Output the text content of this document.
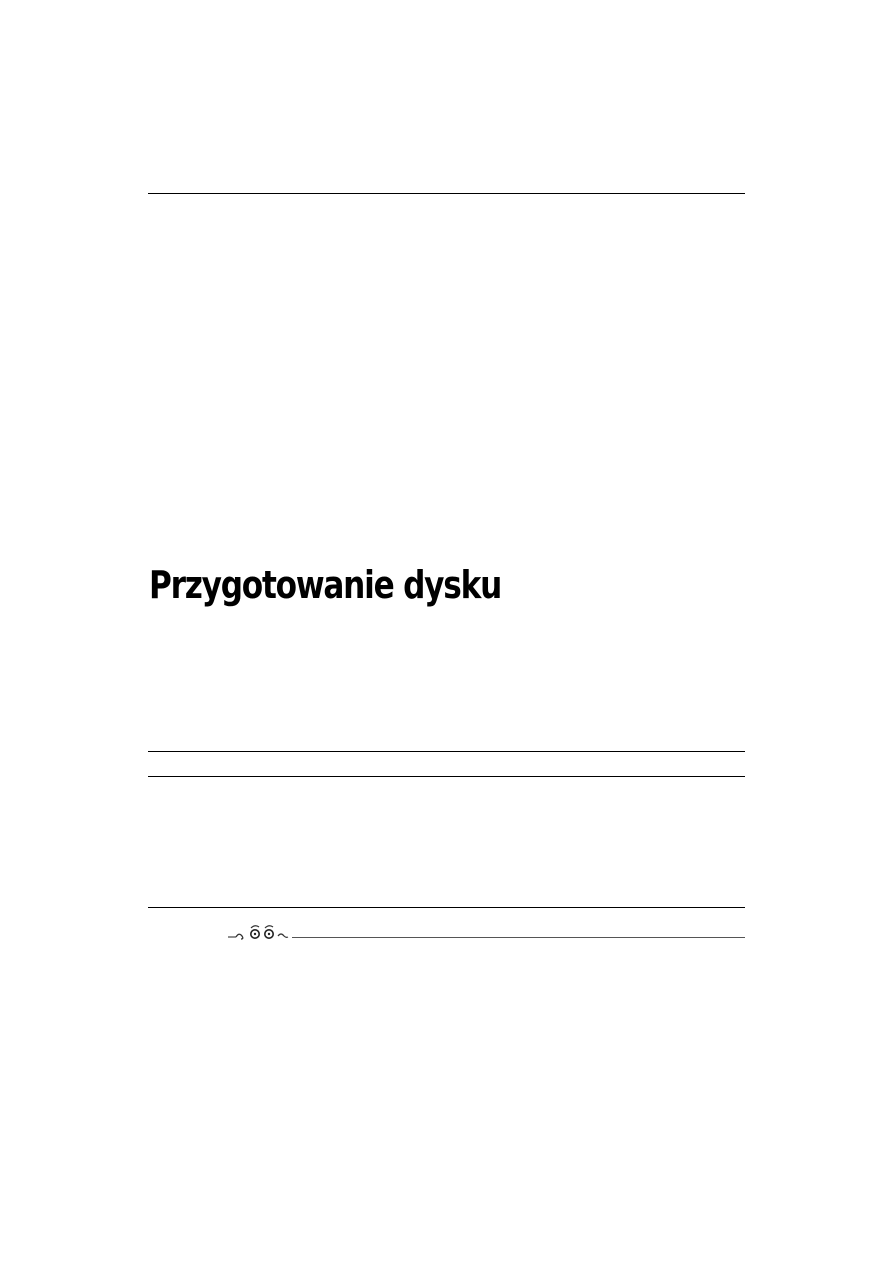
Przygotowanie dysku
